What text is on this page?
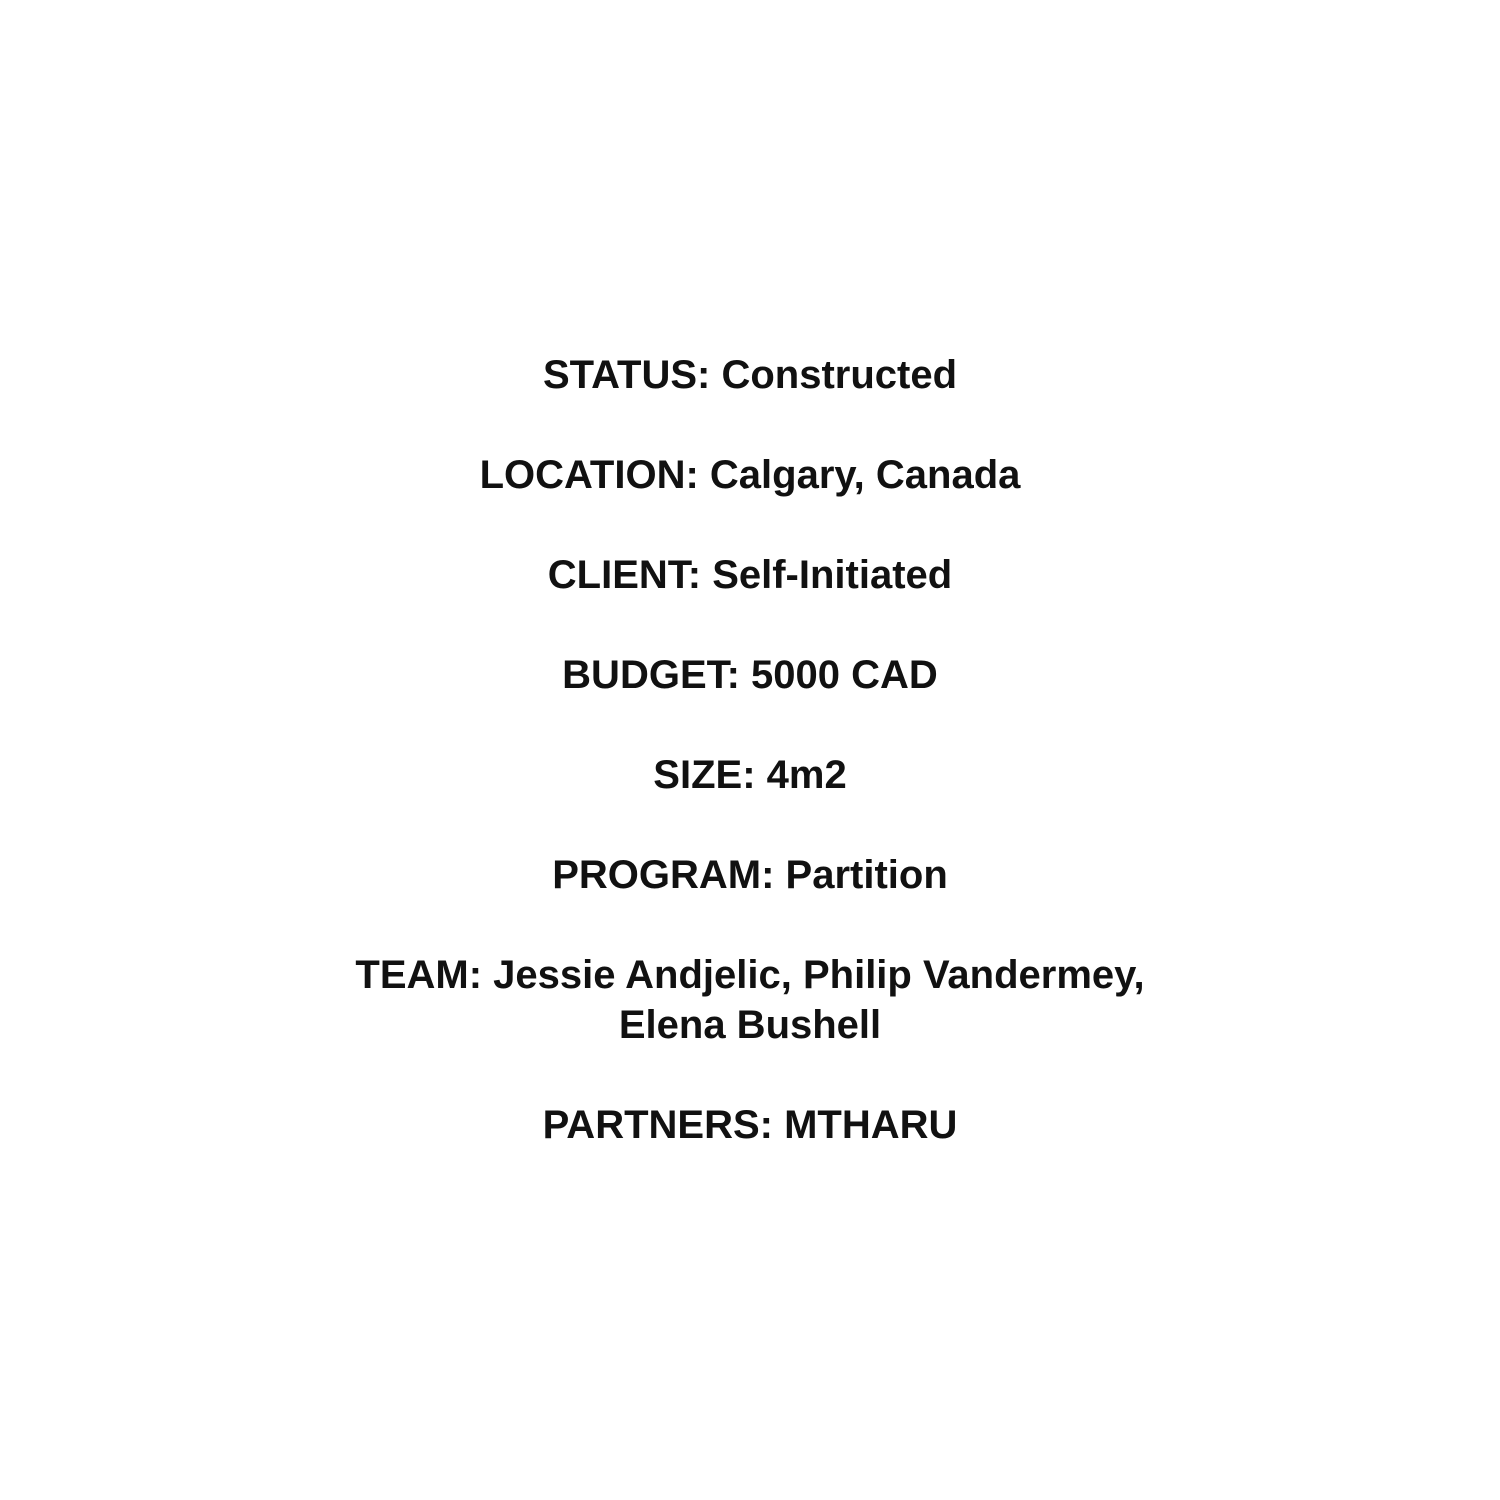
STATUS: Constructed
LOCATION: Calgary, Canada
CLIENT: Self-Initiated
BUDGET: 5000 CAD
SIZE: 4m2
PROGRAM: Partition
TEAM: Jessie Andjelic, Philip Vandermey,
Elena Bushell
PARTNERS: MTHARU
